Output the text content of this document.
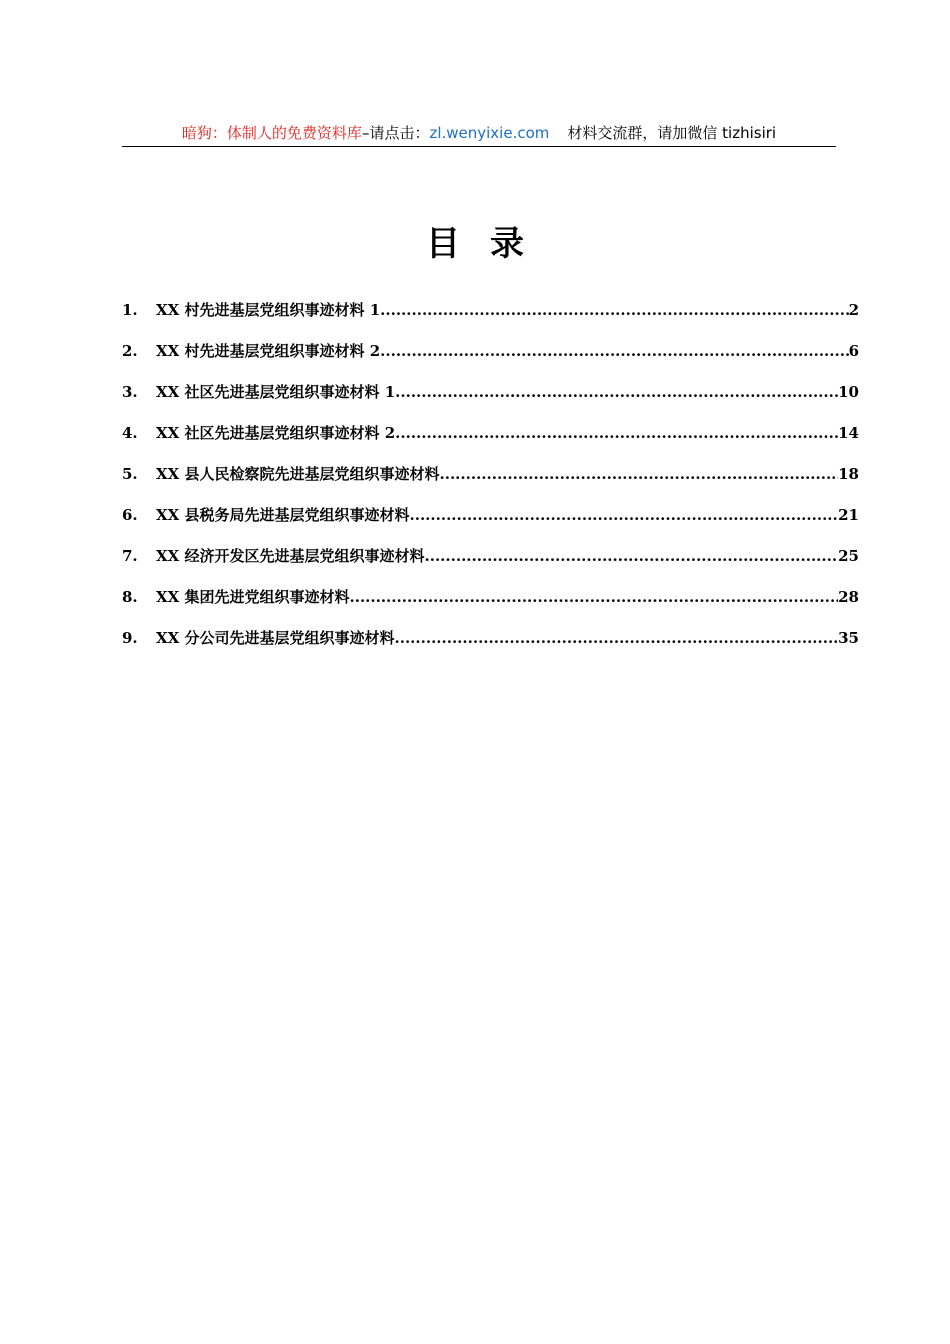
暗狗：体制人的免费资料库–请点击：zl.wenyixie.com 材料交流群，请加微信 tizhisiri
目录
1.	XX 村先进基层党组织事迹材料 1 .....	2
2.	XX 村先进基层党组织事迹材料 2 .....	6
3.	XX 社区先进基层党组织事迹材料 1 .....	10
4.	XX 社区先进基层党组织事迹材料 2 .....	14
5.	XX 县人民检察院先进基层党组织事迹材料 .....	18
6.	XX 县税务局先进基层党组织事迹材料 .....	21
7.	XX 经济开发区先进基层党组织事迹材料 .....	25
8.	XX 集团先进党组织事迹材料 .....	28
9.	XX 分公司先进基层党组织事迹材料 .....	35
